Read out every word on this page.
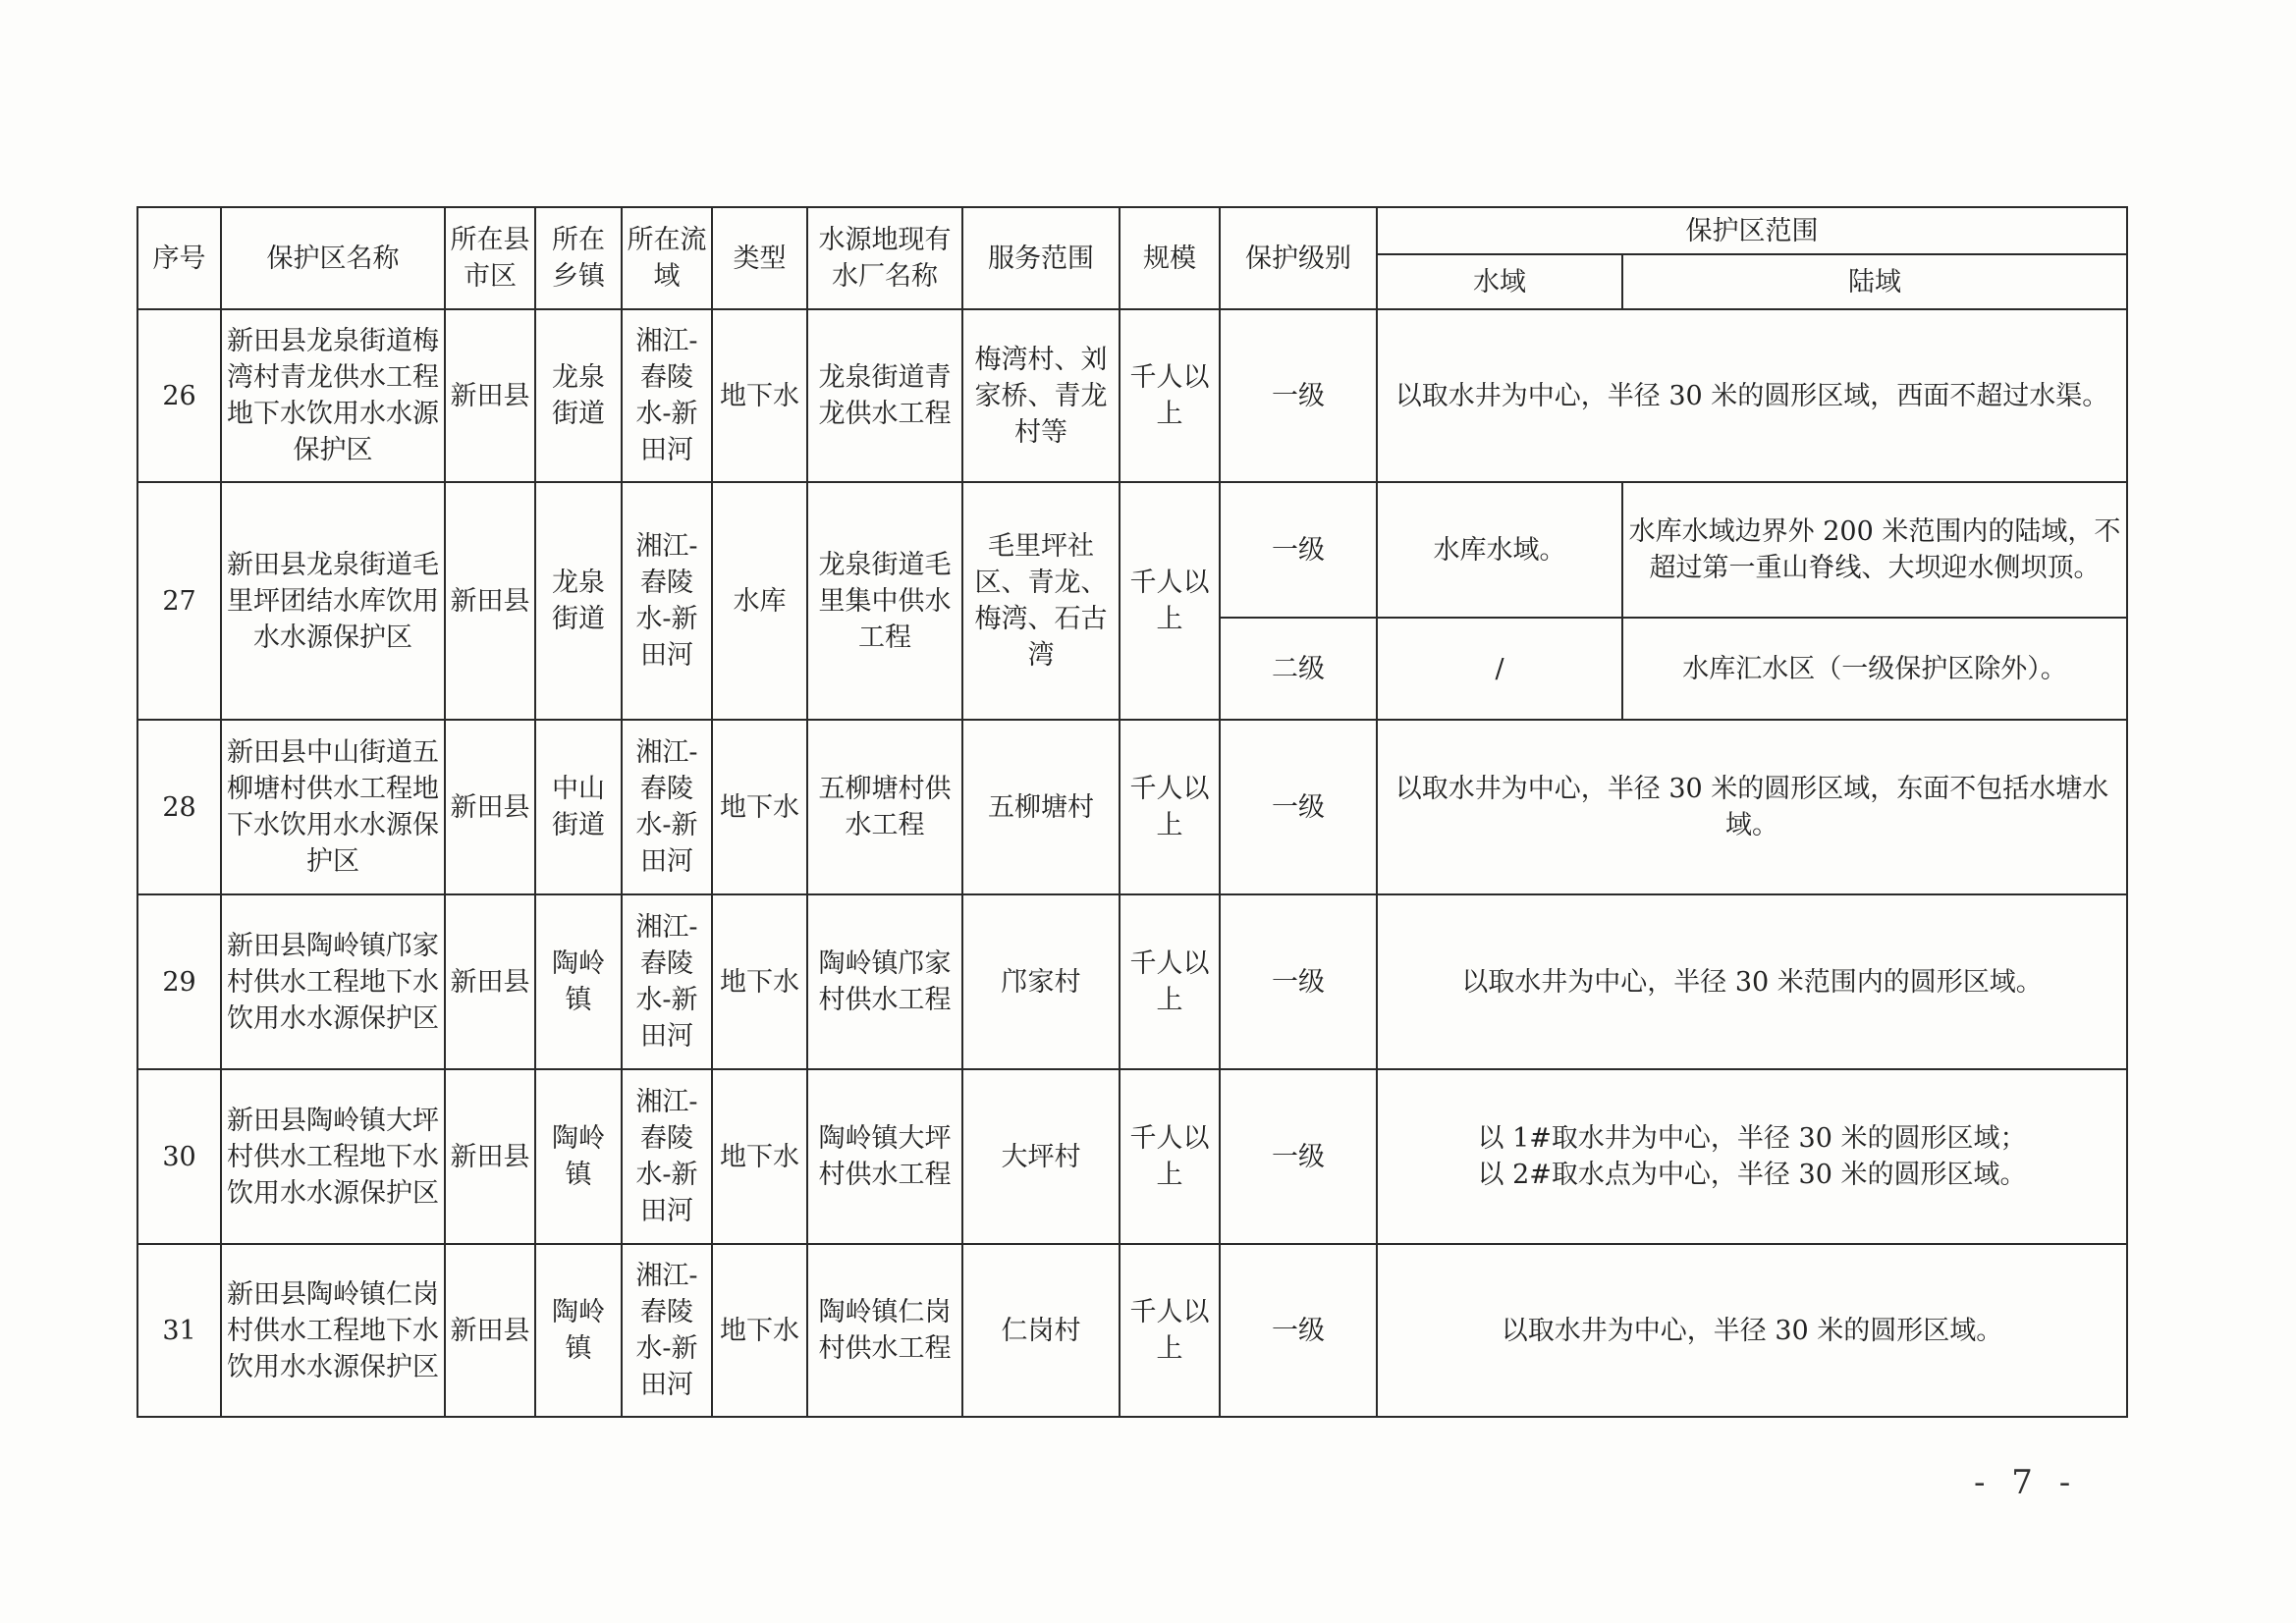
序号	保护区名称	所在县市区	所在乡镇	所在流域	类型	水源地现有水厂名称	服务范围	规模	保护级别	保护区范围	
										水域	陆域
26	新田县龙泉街道梅湾村青龙供水工程地下水饮用水水源保护区	新田县	龙泉街道	湘江-舂陵水-新田河	地下水	龙泉街道青龙供水工程	梅湾村、刘家桥、青龙村等	千人以上	一级	以取水井为中心，半径 30 米的圆形区域，西面不超过水渠。	
27	新田县龙泉街道毛里坪团结水库饮用水水源保护区	新田县	龙泉街道	湘江-舂陵水-新田河	水库	龙泉街道毛里集中供水工程	毛里坪社区、青龙、梅湾、石古湾	千人以上	一级	水库水域。	水库水域边界外 200 米范围内的陆域，不超过第一重山脊线、大坝迎水侧坝顶。
									二级	/	水库汇水区（一级保护区除外）。
28	新田县中山街道五柳塘村供水工程地下水饮用水水源保护区	新田县	中山街道	湘江-舂陵水-新田河	地下水	五柳塘村供水工程	五柳塘村	千人以上	一级	以取水井为中心，半径 30 米的圆形区域，东面不包括水塘水域。	
29	新田县陶岭镇邝家村供水工程地下水饮用水水源保护区	新田县	陶岭镇	湘江-舂陵水-新田河	地下水	陶岭镇邝家村供水工程	邝家村	千人以上	一级	以取水井为中心，半径 30 米范围内的圆形区域。	
30	新田县陶岭镇大坪村供水工程地下水饮用水水源保护区	新田县	陶岭镇	湘江-舂陵水-新田河	地下水	陶岭镇大坪村供水工程	大坪村	千人以上	一级	以 1#取水井为中心，半径 30 米的圆形区域；
以 2#取水点为中心，半径 30 米的圆形区域。	

31	新田县陶岭镇仁岗村供水工程地下水饮用水水源保护区	新田县	陶岭镇	湘江-舂陵水-新田河	地下水	陶岭镇仁岗村供水工程	仁岗村	千人以上	一级	以取水井为中心，半径 30 米的圆形区域。	
- 7 -
